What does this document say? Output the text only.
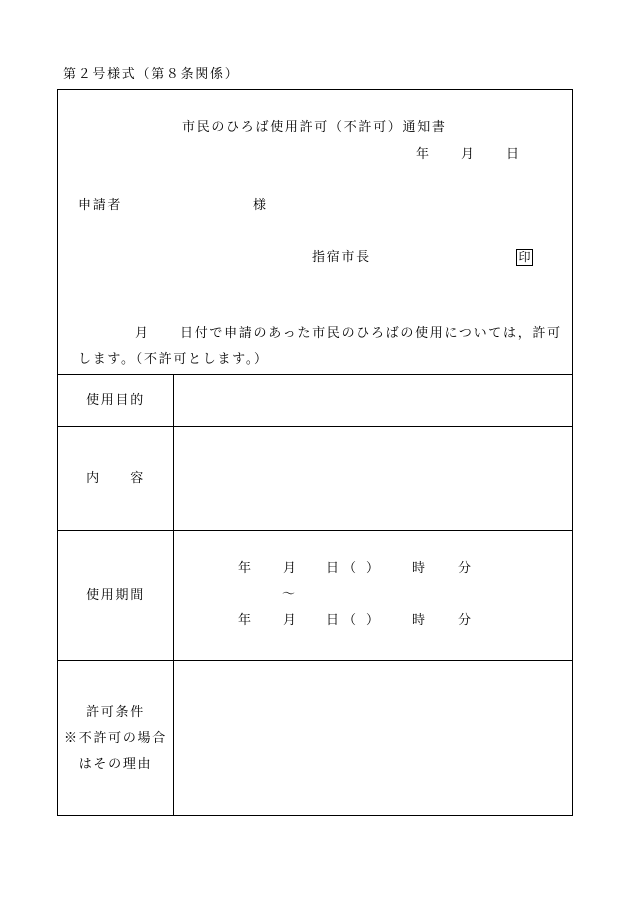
第２号様式（第８条関係）
市民のひろば使用許可（不許可）通知書
年 月 日
申請者	様
指宿市長	印
月 日付で申請のあった市民のひろばの使用については，許可
します。（不許可とします。）
使用目的
内　　容
使用期間
年 月 日 （ ） 時 分
〜
年 月 日 （ ） 時 分
許可条件
※不許可の場合
はその理由
